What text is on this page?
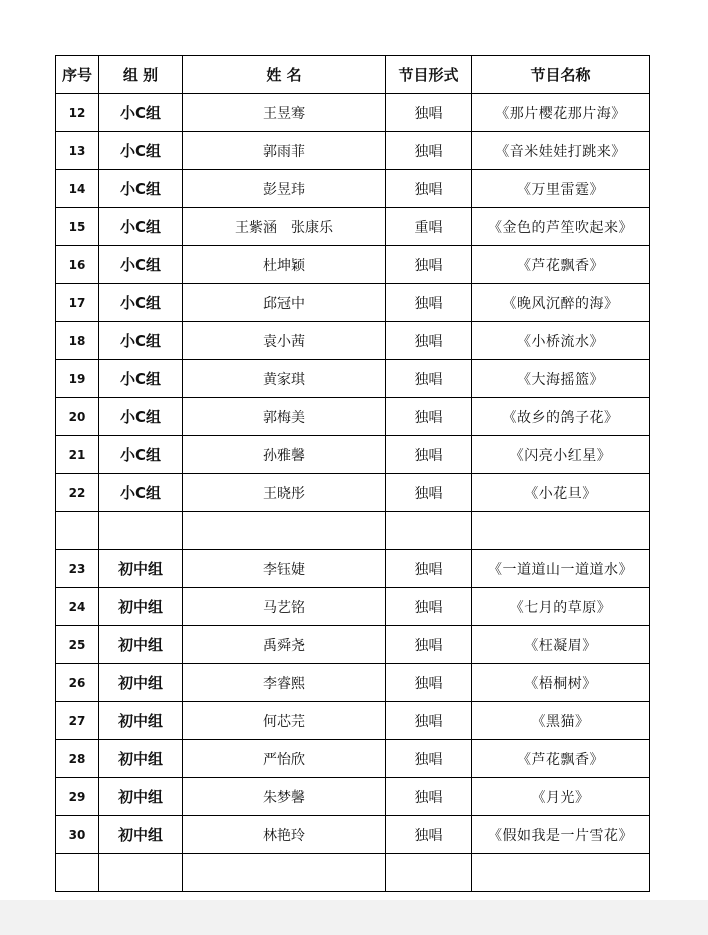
序号	组 别	姓 名	节目形式	节目名称
12	小C组	王昱骞	独唱	《那片樱花那片海》
13	小C组	郭雨菲	独唱	《音米娃娃打跳来》
14	小C组	彭昱玮	独唱	《万里雷霆》
15	小C组	王紫涵　张康乐	重唱	《金色的芦笙吹起来》
16	小C组	杜坤颖	独唱	《芦花飘香》
17	小C组	邱冠中	独唱	《晚风沉醉的海》
18	小C组	袁小茜	独唱	《小桥流水》
19	小C组	黄家琪	独唱	《大海摇篮》
20	小C组	郭梅美	独唱	《故乡的鸽子花》
21	小C组	孙雅馨	独唱	《闪亮小红星》
22	小C组	王晓彤	独唱	《小花旦》

23	初中组	李钰婕	独唱	《一道道山一道道水》
24	初中组	马艺铭	独唱	《七月的草原》
25	初中组	禹舜尧	独唱	《枉凝眉》
26	初中组	李睿熙	独唱	《梧桐树》
27	初中组	何芯芫	独唱	《黑猫》
28	初中组	严怡欣	独唱	《芦花飘香》
29	初中组	朱梦馨	独唱	《月光》
30	初中组	林艳玲	独唱	《假如我是一片雪花》
